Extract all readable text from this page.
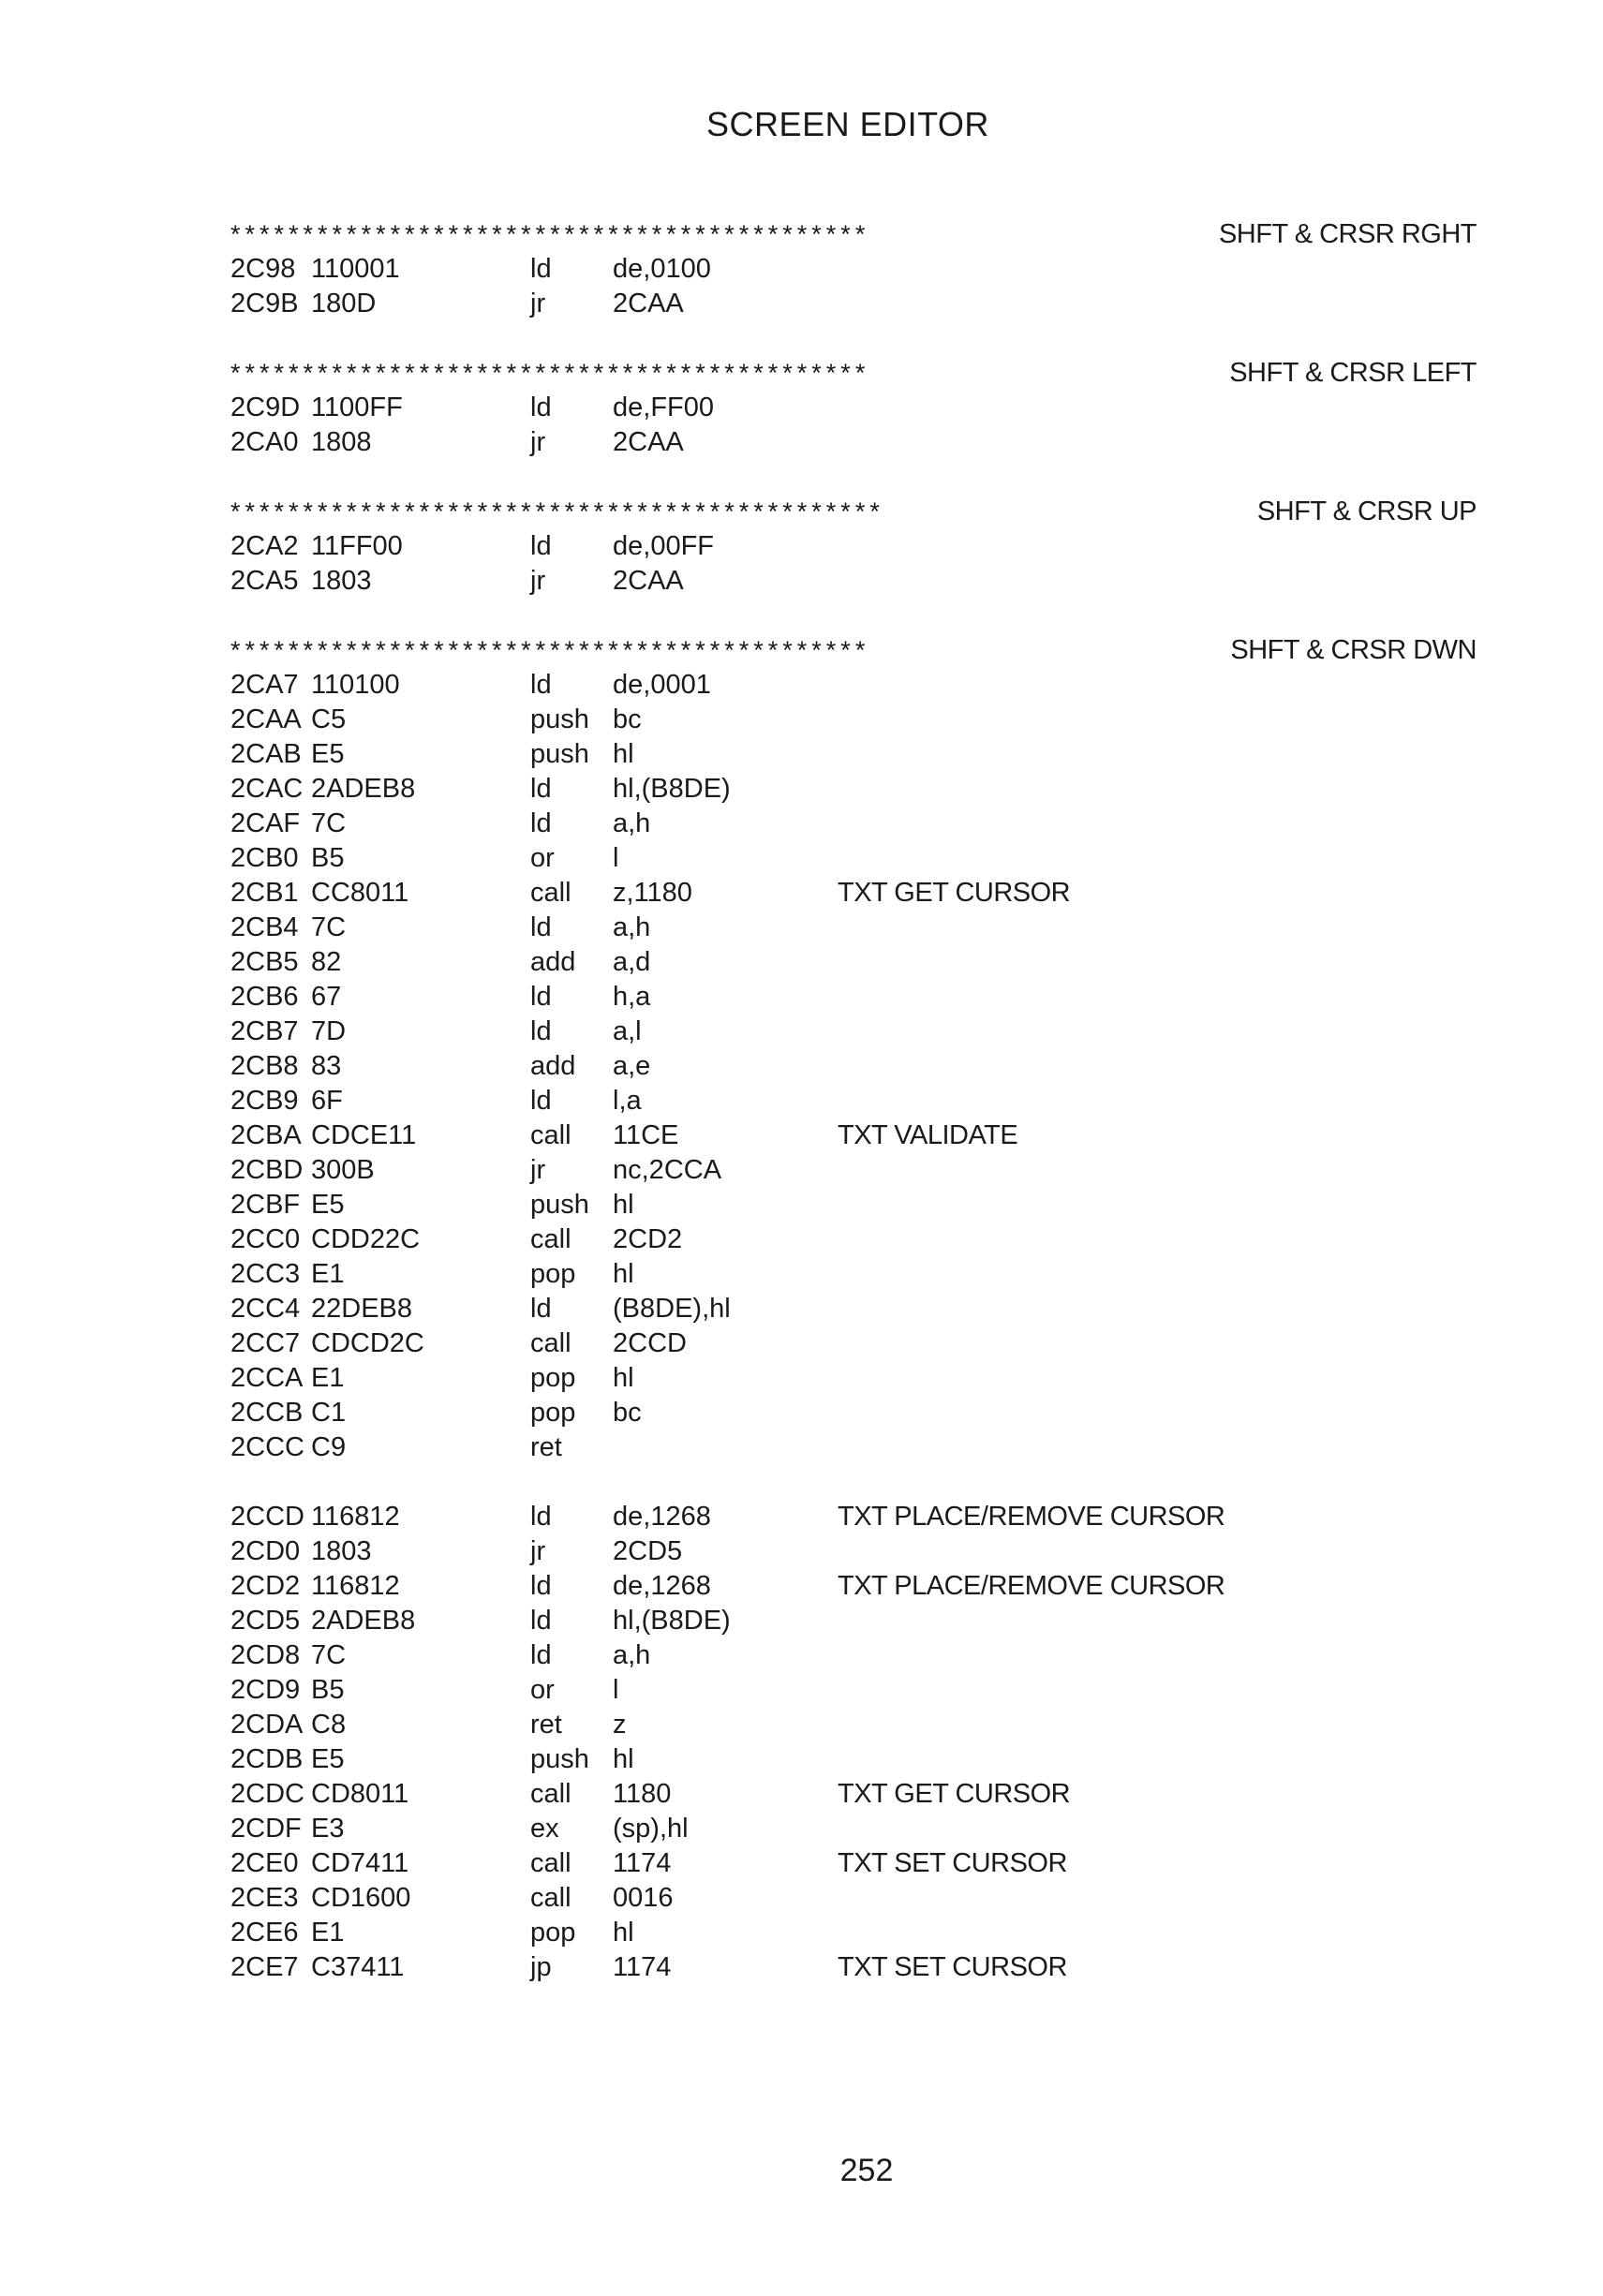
SCREEN EDITOR
********************************************	SHFT & CRSR RGHT
2C98 110001	ld	de,0100
2C9B 180D	jr	2CAA
********************************************	SHFT & CRSR LEFT
2C9D 1100FF	ld	de,FF00
2CA0 1808	jr	2CAA
*********************************************	SHFT & CRSR UP
2CA2 11FF00	ld	de,00FF
2CA5 1803	jr	2CAA
********************************************	SHFT & CRSR DWN
2CA7 110100	ld	de,0001
2CAA C5	push bc
2CAB E5	push hl
2CAC 2ADEB8	ld	hl,(B8DE)
2CAF 7C	ld	a,h
2CB0 B5	or	l
2CB1 CC8011	call	z,1180	TXT GET CURSOR
2CB4 7C	ld	a,h
2CB5 82	add	a,d
2CB6 67	ld	h,a
2CB7 7D	ld	a,l
2CB8 83	add	a,e
2CB9 6F	ld	l,a
2CBA CDCE11	call	11CE	TXT VALIDATE
2CBD 300B	jr	nc,2CCA
2CBF E5	push hl
2CC0 CDD22C	call	2CD2
2CC3 E1	pop	hl
2CC4 22DEB8	ld	(B8DE),hl
2CC7 CDCD2C	call	2CCD
2CCA E1	pop	hl
2CCB C1	pop	bc
2CCC C9	ret
2CCD 116812	ld	de,1268	TXT PLACE/REMOVE CURSOR
2CD0 1803	jr	2CD5
2CD2 116812	ld	de,1268	TXT PLACE/REMOVE CURSOR
2CD5 2ADEB8	ld	hl,(B8DE)
2CD8 7C	ld	a,h
2CD9 B5	or	l
2CDA C8	ret	z
2CDB E5	push hl
2CDC CD8011	call	1180	TXT GET CURSOR
2CDF E3	ex	(sp),hl
2CE0 CD7411	call	1174	TXT SET CURSOR
2CE3 CD1600	call	0016
2CE6 E1	pop	hl
2CE7 C37411	jp	1174	TXT SET CURSOR
252
